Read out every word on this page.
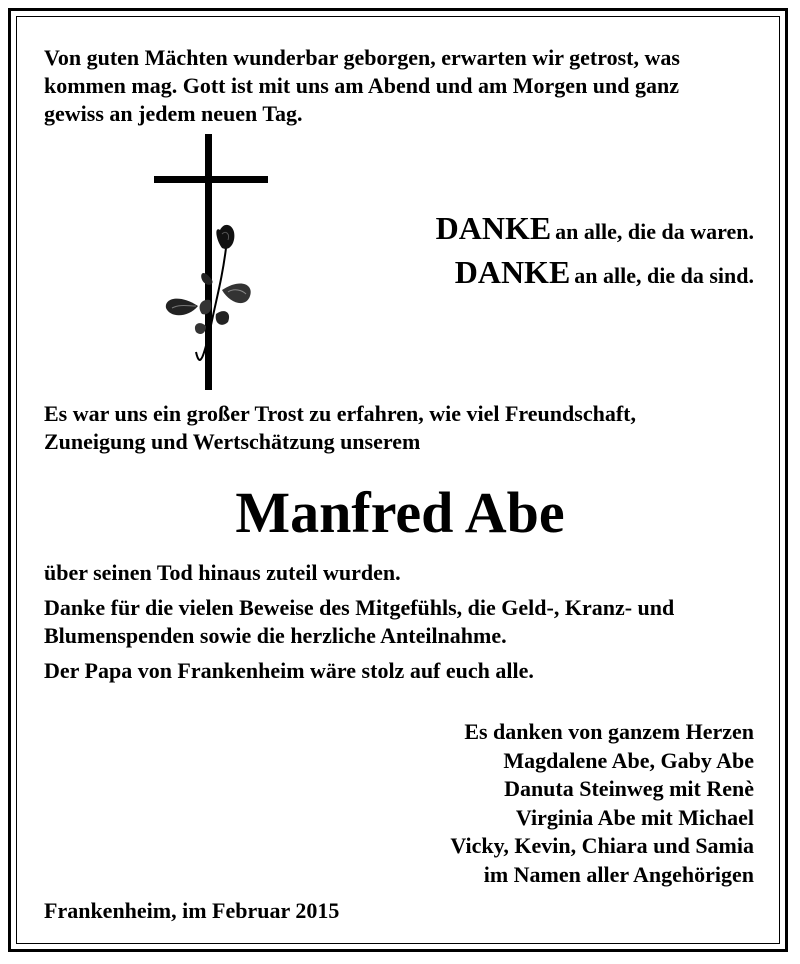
Von guten Mächten wunderbar geborgen, erwarten wir getrost, was
kommen mag. Gott ist mit uns am Abend und am Morgen und ganz
gewiss an jedem neuen Tag.
DANKE an alle, die da waren.
DANKE an alle, die da sind.
Es war uns ein großer Trost zu erfahren, wie viel Freundschaft,
Zuneigung und Wertschätzung unserem
Manfred Abe
über seinen Tod hinaus zuteil wurden.
Danke für die vielen Beweise des Mitgefühls, die Geld-, Kranz- und
Blumenspenden sowie die herzliche Anteilnahme.
Der Papa von Frankenheim wäre stolz auf euch alle.
Es danken von ganzem Herzen
Magdalene Abe, Gaby Abe
Danuta Steinweg mit Renè
Virginia Abe mit Michael
Vicky, Kevin, Chiara und Samia
im Namen aller Angehörigen
Frankenheim, im Februar 2015
